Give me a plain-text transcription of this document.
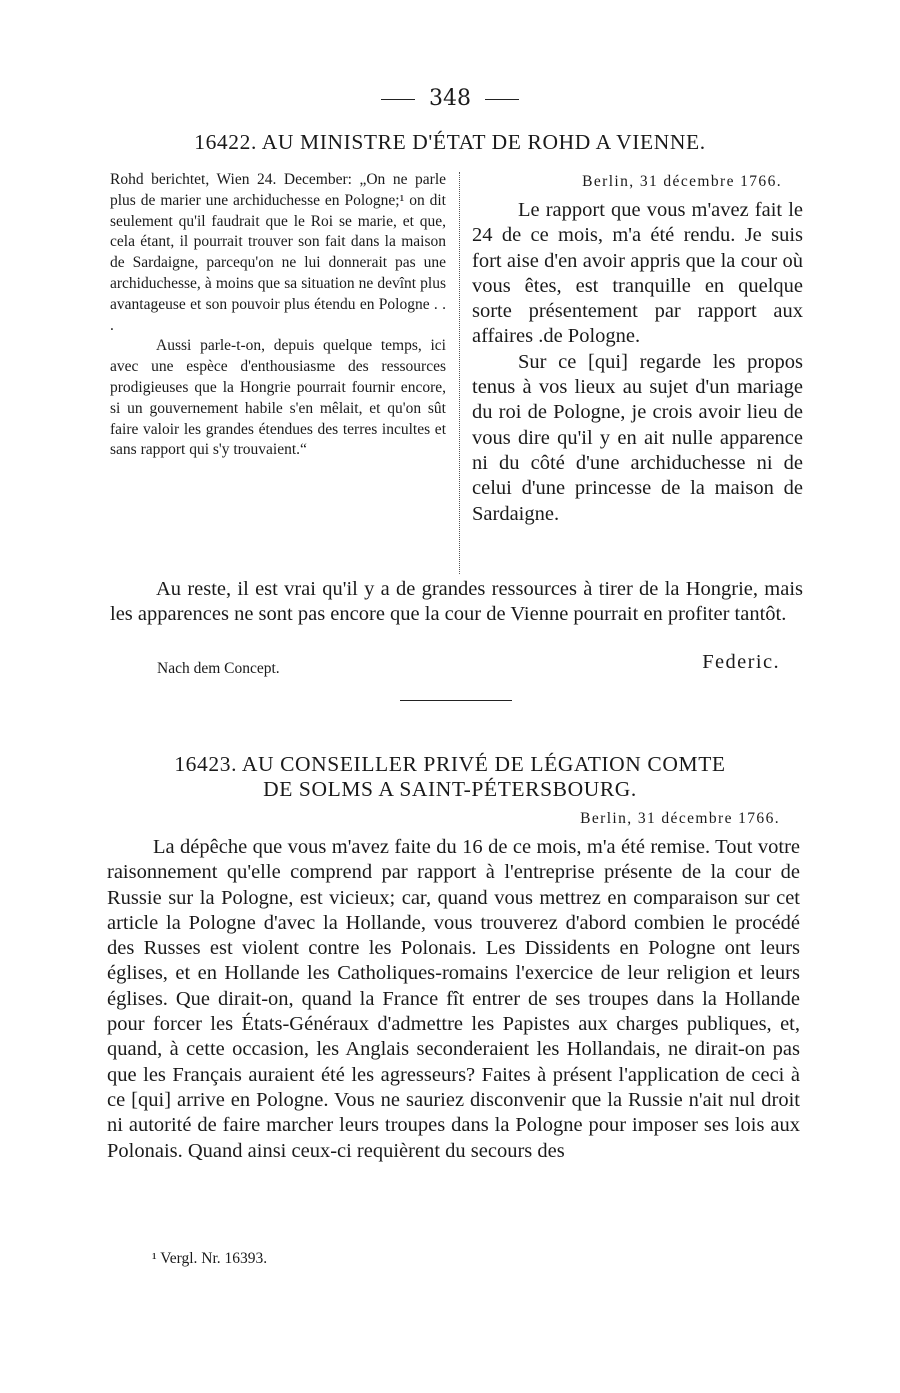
348
16422. AU MINISTRE D'ÉTAT DE ROHD A VIENNE.

Rohd berichtet, Wien 24. December: „On ne parle plus de marier une archiduchesse en Pologne;¹ on dit seulement qu'il faudrait que le Roi se marie, et que, cela étant, il pourrait trouver son fait dans la maison de Sardaigne, parcequ'on ne lui donnerait pas une archiduchesse, à moins que sa situation ne devînt plus avantageuse et son pouvoir plus étendu en Pologne . . .

Aussi parle-t-on, depuis quelque temps, ici avec une espèce d'enthousiasme des ressources prodigieuses que la Hongrie pourrait fournir encore, si un gouvernement habile s'en mêlait, et qu'on sût faire valoir les grandes étendues des terres incultes et sans rapport qui s'y trouvaient.“

Berlin, 31 décembre 1766.

Le rapport que vous m'avez fait le 24 de ce mois, m'a été rendu. Je suis fort aise d'en avoir appris que la cour où vous êtes, est tranquille en quelque sorte présentement par rapport aux affaires .de Pologne.

Sur ce [qui] regarde les propos tenus à vos lieux au sujet d'un mariage du roi de Pologne, je crois avoir lieu de vous dire qu'il y en ait nulle apparence ni du côté d'une archiduchesse ni de celui d'une princesse de la maison de Sardaigne.

Au reste, il est vrai qu'il y a de grandes ressources à tirer de la Hongrie, mais les apparences ne sont pas encore que la cour de Vienne pourrait en profiter tantôt.
Nach dem Concept.	Federic.
16423. AU CONSEILLER PRIVÉ DE LÉGATION COMTE
DE SOLMS A SAINT-PÉTERSBOURG.
Berlin, 31 décembre 1766.
La dépêche que vous m'avez faite du 16 de ce mois, m'a été remise. Tout votre raisonnement qu'elle comprend par rapport à l'entreprise présente de la cour de Russie sur la Pologne, est vicieux; car, quand vous mettrez en comparaison sur cet article la Pologne d'avec la Hollande, vous trouverez d'abord combien le procédé des Russes est violent contre les Polonais. Les Dissidents en Pologne ont leurs églises, et en Hollande les Catholiques-romains l'exercice de leur religion et leurs églises. Que dirait-on, quand la France fît entrer de ses troupes dans la Hollande pour forcer les États-Généraux d'admettre les Papistes aux charges publiques, et, quand, à cette occasion, les Anglais seconderaient les Hollandais, ne dirait-on pas que les Français auraient été les agresseurs? Faites à présent l'application de ceci à ce [qui] arrive en Pologne. Vous ne sauriez disconvenir que la Russie n'ait nul droit ni autorité de faire marcher leurs troupes dans la Pologne pour imposer ses lois aux Polonais. Quand ainsi ceux-ci requièrent du secours des
¹ Vergl. Nr. 16393.
